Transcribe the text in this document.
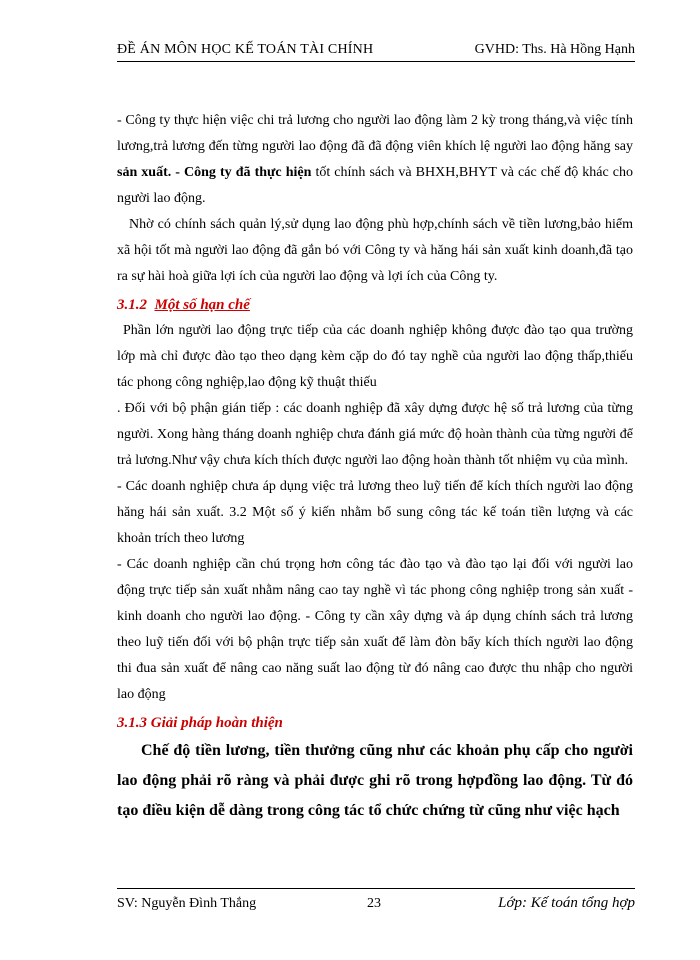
ĐỀ ÁN MÔN HỌC KẾ TOÁN TÀI CHÍNH	GVHD: Ths. Hà Hồng Hạnh

- Công ty thực hiện việc chi trả lương cho người lao động làm 2 kỳ trong tháng,và việc tính lương,trả lương đến từng người lao động đã đã động viên khích lệ người lao động hăng say sản xuất. - Công ty đã thực hiện tốt chính sách và BHXH,BHYT và các chế độ khác cho người lao động.

Nhờ có chính sách quản lý,sử dụng lao động phù hợp,chính sách về tiền lương,bảo hiểm xã hội tốt mà người lao động đã gắn bó với Công ty và hăng hái sản xuất kinh doanh,đã tạo ra sự hài hoà giữa lợi ích của người lao động và lợi ích của Công ty.

3.1.2 Một số hạn chế

Phần lớn người lao động trực tiếp của các doanh nghiệp không được đào tạo qua trường lớp mà chỉ được đào tạo theo dạng kèm cặp do đó tay nghề của người lao động thấp,thiếu tác phong công nghiệp,lao động kỹ thuật thiếu

. Đối với bộ phận gián tiếp : các doanh nghiệp đã xây dựng được hệ số trả lương của từng người. Xong hàng tháng doanh nghiệp chưa đánh giá mức độ hoàn thành của từng người để trả lương.Như vậy chưa kích thích được người lao động hoàn thành tốt nhiệm vụ của mình.

- Các doanh nghiệp chưa áp dụng việc trả lương theo luỹ tiến để kích thích người lao động hăng hái sản xuất. 3.2 Một số ý kiến nhằm bổ sung công tác kế toán tiền lượng và các khoản trích theo lương

- Các doanh nghiệp cần chú trọng hơn công tác đào tạo và đào tạo lại đối với người lao động trực tiếp sản xuất nhằm nâng cao tay nghề vì tác phong công nghiệp trong sản xuất - kinh doanh cho người lao động. - Công ty cần xây dựng và áp dụng chính sách trả lương theo luỹ tiến đối với bộ phận trực tiếp sản xuất để làm đòn bẩy kích thích người lao động thi đua sản xuất để nâng cao năng suất lao động từ đó nâng cao được thu nhập cho người lao động

3.1.3 Giải pháp hoàn thiện

Chế độ tiền lương, tiền thưởng cũng như các khoản phụ cấp cho người lao động phải rõ ràng và phải được ghi rõ trong hợpđồng lao động. Từ đó tạo điều kiện dễ dàng trong công tác tổ chức chứng từ cũng như việc hạch

SV: Nguyễn Đình Thắng	23	Lớp: Kế toán tổng hợp
